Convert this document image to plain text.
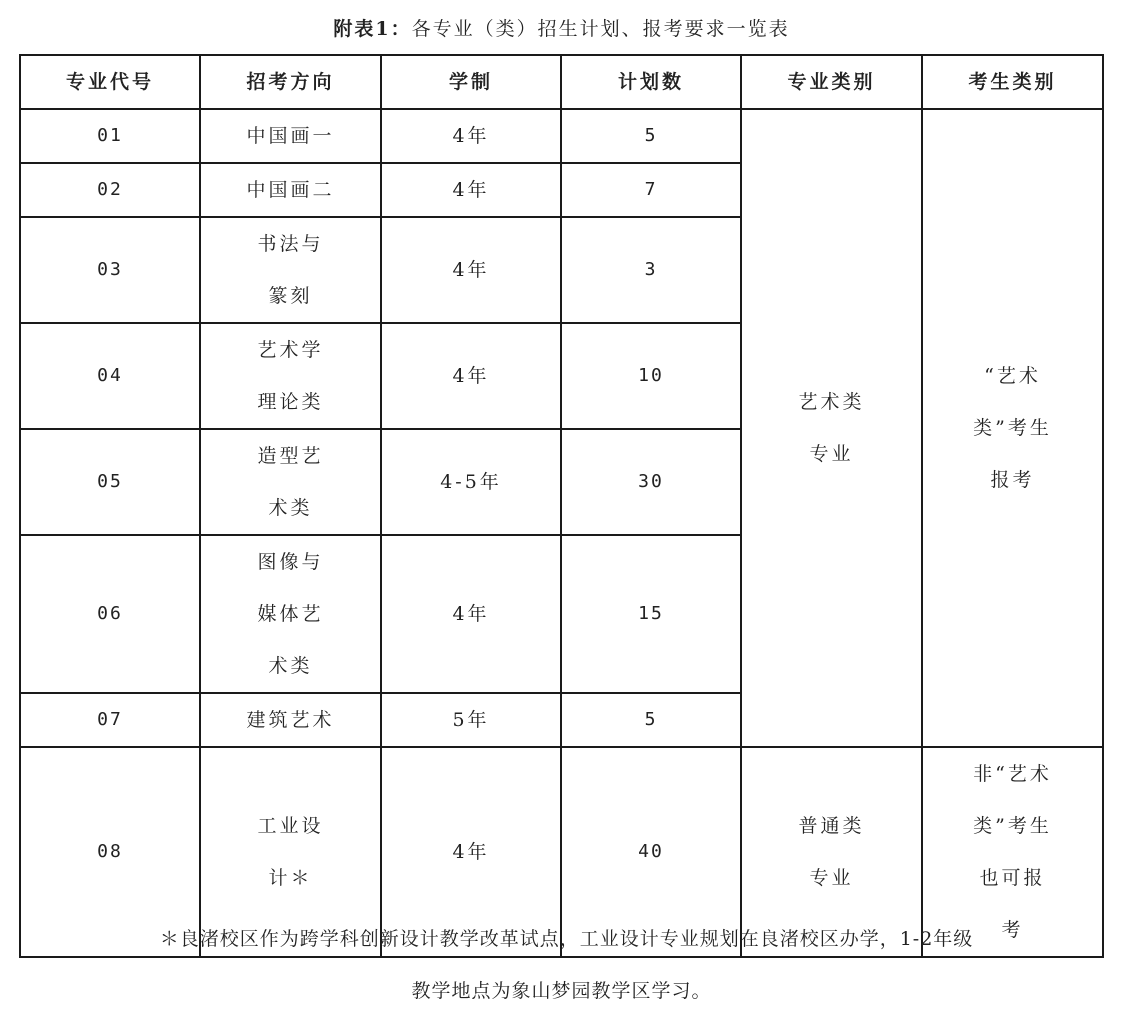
附表1：各专业（类）招生计划、报考要求一览表
专业代号	招考方向	学制	计划数	专业类别	考生类别
01	中国画一	4年	5	艺术类专业	“艺术类”考生报考
02	中国画二	4年	7		
03	书法与篆刻	4年	3		
04	艺术学理论类	4年	10		
05	造型艺术类	4-5年	30		
06	图像与媒体艺术类	4年	15		
07	建筑艺术	5年	5		
08	工业设计＊	4年	40	普通类专业	非“艺术类”考生也可报考
＊良渚校区作为跨学科创新设计教学改革试点，工业设计专业规划在良渚校区办学，1-2年级
教学地点为象山梦园教学区学习。
